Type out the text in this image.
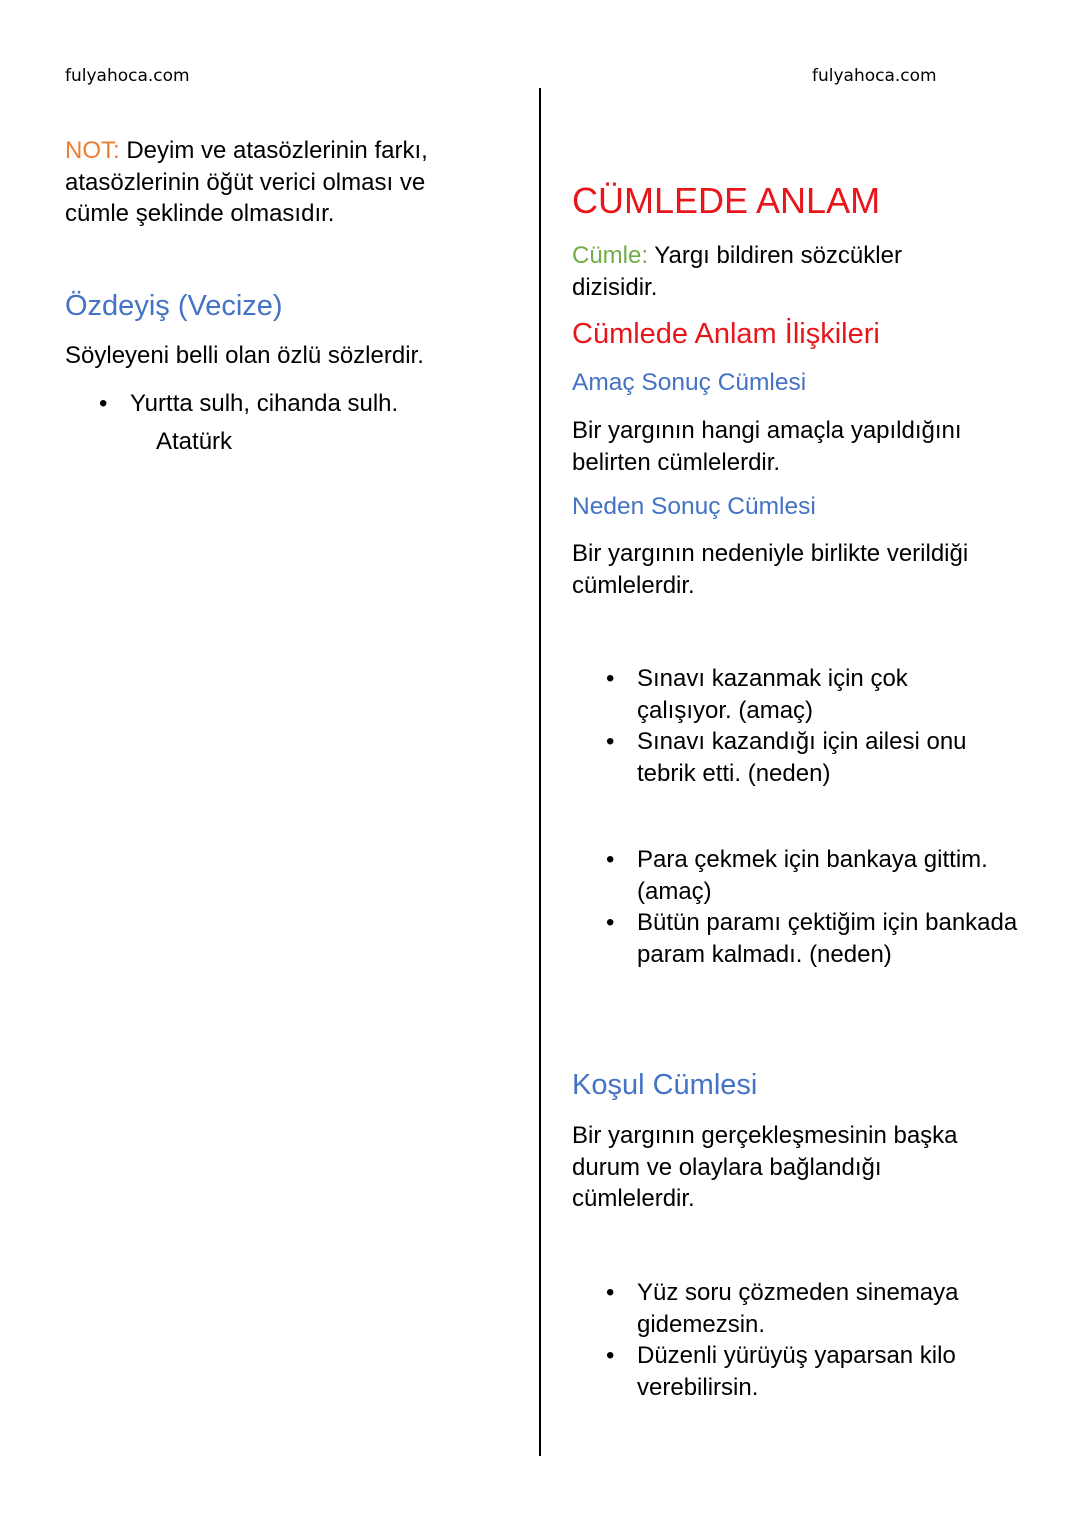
fulyahoca.com	fulyahoca.com

NOT: Deyim ve atasözlerinin farkı, atasözlerinin öğüt verici olması ve cümle şeklinde olmasıdır.

Özdeyiş (Vecize)

Söyleyeni belli olan özlü sözlerdir.

• Yurtta sulh, cihanda sulh.

Atatürk

CÜMLEDE ANLAM

Cümle: Yargı bildiren sözcükler dizisidir.

Cümlede Anlam İlişkileri
Amaç Sonuç Cümlesi

Bir yargının hangi amaçla yapıldığını belirten cümlelerdir.

Neden Sonuç Cümlesi

Bir yargının nedeniyle birlikte verildiği cümlelerdir.

• Sınavı kazanmak için çok çalışıyor. (amaç)
• Sınavı kazandığı için ailesi onu tebrik etti. (neden)
• Para çekmek için bankaya gittim. (amaç)
• Bütün paramı çektiğim için bankada param kalmadı. (neden)
Koşul Cümlesi

Bir yargının gerçekleşmesinin başka durum ve olaylara bağlandığı cümlelerdir.

• Yüz soru çözmeden sinemaya gidemezsin.
• Düzenli yürüyüş yaparsan kilo verebilirsin.
